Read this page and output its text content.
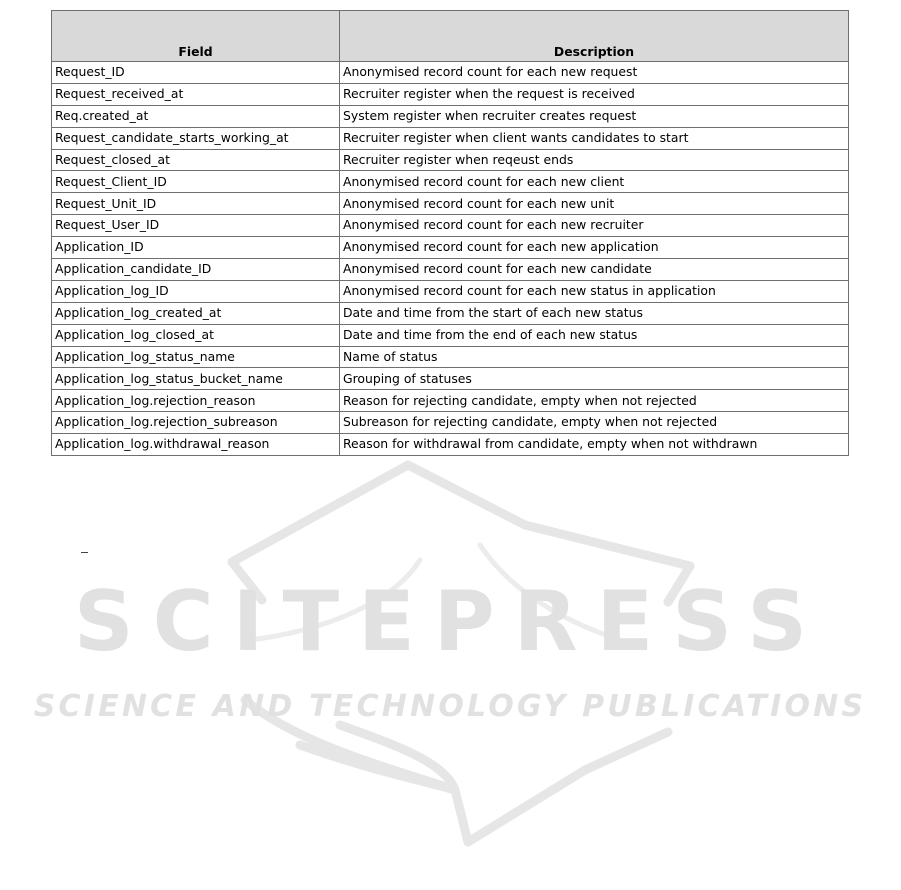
SCITEPRESS
SCIENCE AND TECHNOLOGY PUBLICATIONS
Field	Description
Request_ID	Anonymised record count for each new request
Request_received_at	Recruiter register when the request is received
Req.created_at	System register when recruiter creates request
Request_candidate_starts_working_at	Recruiter register when client wants candidates to start
Request_closed_at	Recruiter register when reqeust ends
Request_Client_ID	Anonymised record count for each new client
Request_Unit_ID	Anonymised record count for each new unit
Request_User_ID	Anonymised record count for each new recruiter
Application_ID	Anonymised record count for each new application
Application_candidate_ID	Anonymised record count for each new candidate
Application_log_ID	Anonymised record count for each new status in application
Application_log_created_at	Date and time from the start of each new status
Application_log_closed_at	Date and time from the end of each new status
Application_log_status_name	Name of status
Application_log_status_bucket_name	Grouping of statuses
Application_log.rejection_reason	Reason for rejecting candidate, empty when not rejected
Application_log.rejection_subreason	Subreason for rejecting candidate, empty when not rejected
Application_log.withdrawal_reason	Reason for withdrawal from candidate, empty when not withdrawn
